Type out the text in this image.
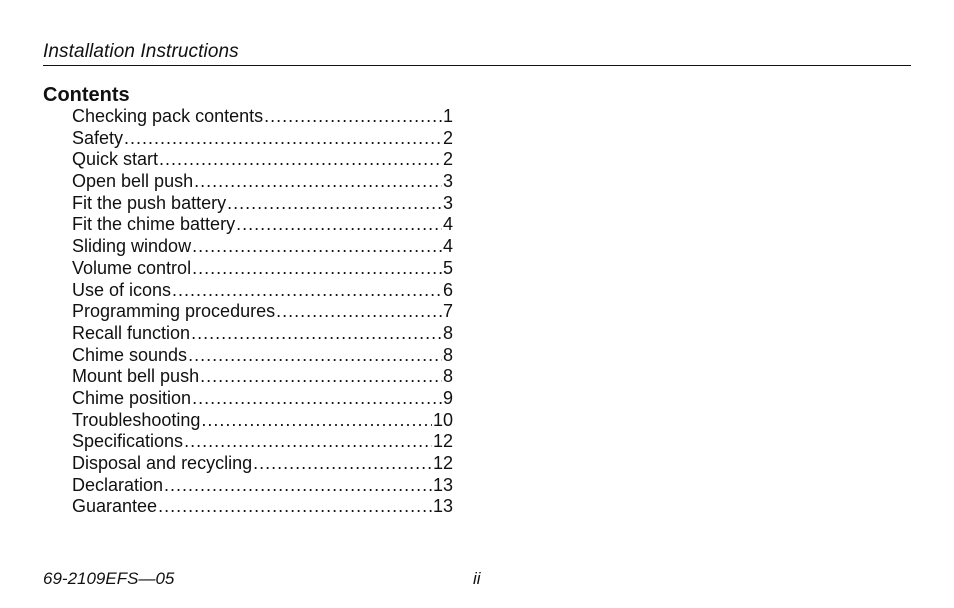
Installation Instructions
Contents
Checking pack contents .....	1
Safety .....	2
Quick start .....	2
Open bell push .....	3
Fit the push battery .....	3
Fit the chime battery .....	4
Sliding window .....	4
Volume control .....	5
Use of icons .....	6
Programming procedures .....	7
Recall function .....	8
Chime sounds .....	8
Mount bell push .....	8
Chime position .....	9
Troubleshooting .....	10
Specifications .....	12
Disposal and recycling .....	12
Declaration .....	13
Guarantee .....	13
69-2109EFS—05	ii
